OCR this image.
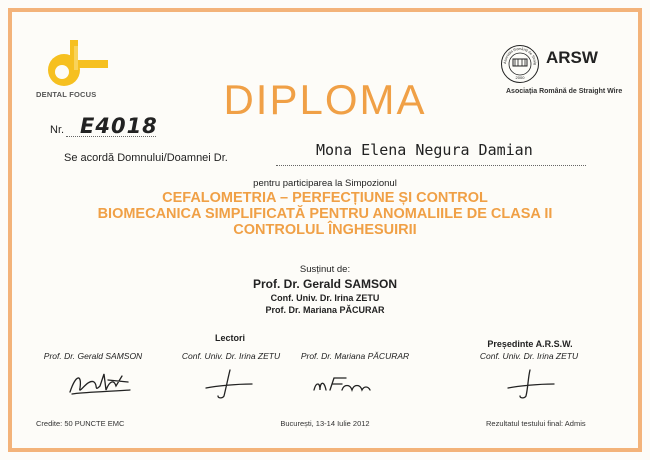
DENTAL FOCUS
Asociația Română de Straig
2000
ARSW
Asociația Română de Straight Wire
DIPLOMA
Nr. E4018
Se acordă Domnului/Doamnei Dr.	Mona Elena Negura Damian
pentru participarea la Simpozionul
CEFALOMETRIA – PERFECȚIUNE ȘI CONTROL
BIOMECANICA SIMPLIFICATĂ PENTRU ANOMALIILE DE CLASA II
CONTROLUL ÎNGHESUIRII
Susținut de:
Prof. Dr. Gerald SAMSON
Conf. Univ. Dr. Irina ZETU
Prof. Dr. Mariana PĂCURAR
Lectori
Președinte A.R.S.W.
Prof. Dr. Gerald SAMSON	Conf. Univ. Dr. Irina ZETU	Prof. Dr. Mariana PĂCURAR	Conf. Univ. Dr. Irina ZETU
Credite: 50 PUNCTE EMC	București, 13-14 Iulie 2012	Rezultatul testului final: Admis
